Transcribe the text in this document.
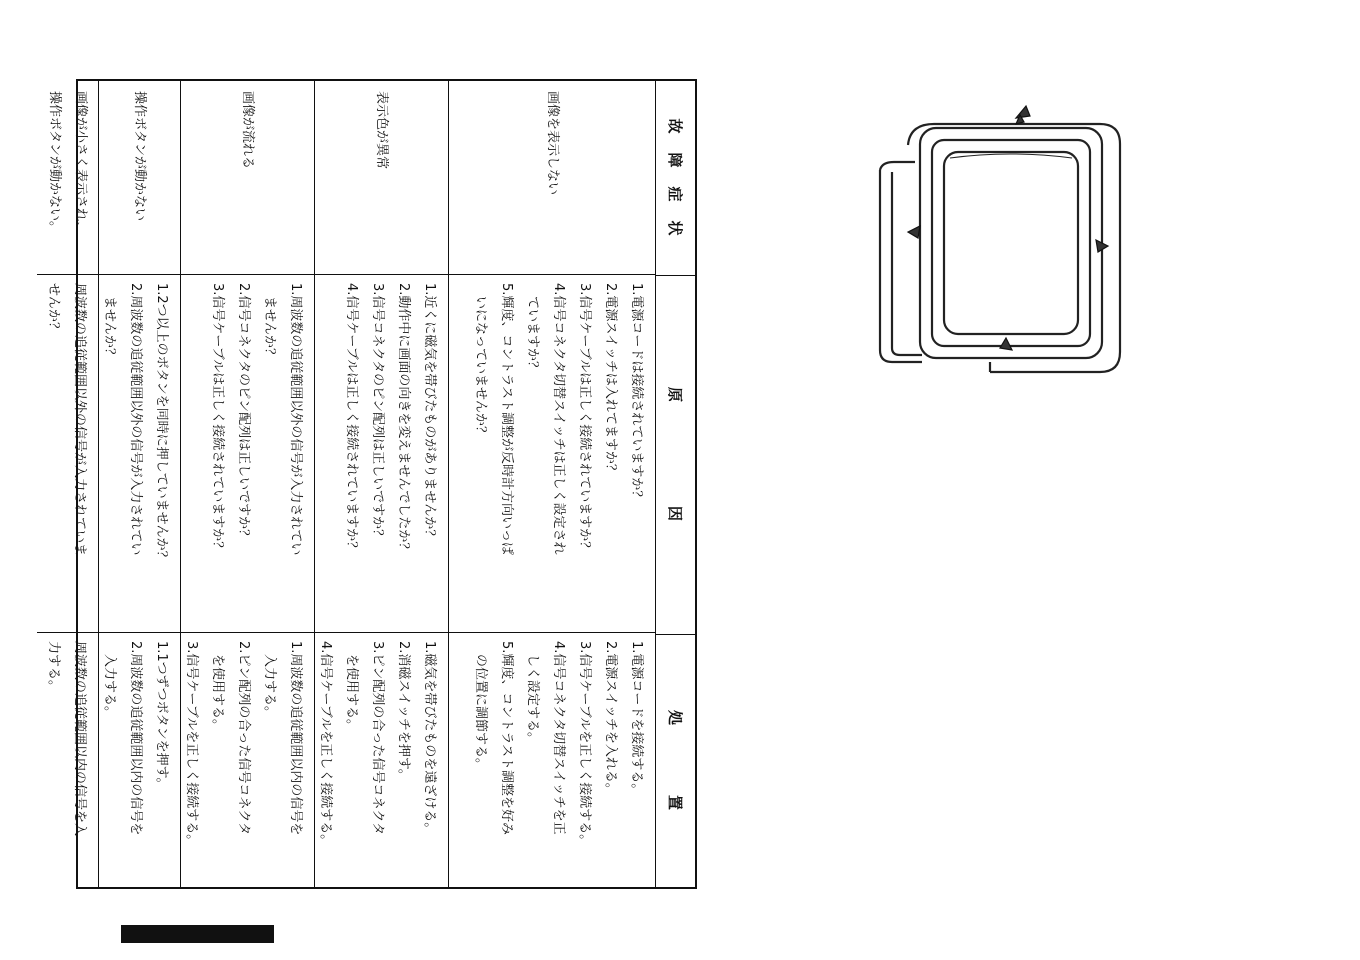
故　障　症　状
原　　　　　　因
処　　　　置
画像を表示しない
1.電源コードは接続されていますか？
2.電源スイッチは入れてますか？
3.信号ケーブルは正しく接続されていますか？
4.信号コネクタ切替スイッチは正しく設定され
　ていますか？
5.輝度、コントラスト調整が反時計方向いっぱ
　いになっていませんか？
1.電源コードを接続する。
2.電源スイッチを入れる。
3.信号ケーブルを正しく接続する。
4.信号コネクタ切替スイッチを正
　しく設定する。
5.輝度、コントラスト調整を好み
　の位置に調節する。
表示色が異常
1.近くに磁気を帯びたものがありませんか？
2.動作中に画面の向きを変えませんでしたか？
3.信号コネクタのピン配列は正しいですか？
4.信号ケーブルは正しく接続されていますか？
1.磁気を帯びたものを遠ざける。
2.消磁スイッチを押す。
3.ピン配列の合った信号コネクタ
　を使用する。
4.信号ケーブルを正しく接続する。
画像が流れる
1.周波数の追従範囲以外の信号が入力されてい
　ませんか？
2.信号コネクタのピン配列は正しいですか？
3.信号ケーブルは正しく接続されていますか？
1.周波数の追従範囲以内の信号を
　入力する。
2.ピン配列の合った信号コネクタ
　を使用する。
3.信号ケーブルを正しく接続する。
操作ボタンが動かない
1.2つ以上のボタンを同時に押していませんか？
2.周波数の追従範囲以外の信号が入力されてい
　ませんか？
1.1つずつボタンを押す。
2.周波数の追従範囲以内の信号を
　入力する。
画像が小さく表示され、
操作ボタンが動かない。
周波数の追従範囲以外の信号が入力されていま
せんか？
周波数の追従範囲以内の信号を入
力する。
